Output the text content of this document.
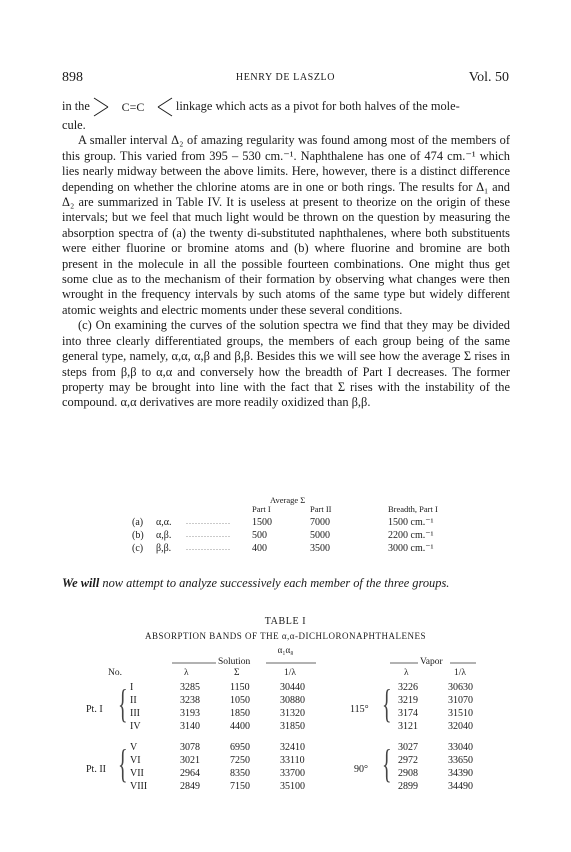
898	HENRY DE LASZLO	Vol. 50
in the	C=C	linkage which acts as a pivot for both halves of the mole-

cule.

A smaller interval Δ₂ of amazing regularity was found among most of the members of this group. This varied from 395 – 530 cm.⁻¹. Naphthalene has one of 474 cm.⁻¹ which lies nearly midway between the above limits. Here, however, there is a distinct difference depending on whether the chlorine atoms are in one or both rings. The results for Δ₁ and Δ₂ are summarized in Table IV. It is useless at present to theorize on the origin of these intervals; but we feel that much light would be thrown on the question by measuring the absorption spectra of (a) the twenty di-substituted naphthalenes, where both substituents were either fluorine or bromine atoms and (b) where fluorine and bromine are both present in the molecule in all the possible fourteen combinations. One might thus get some clue as to the mechanism of their formation by observing what changes were then wrought in the frequency intervals by such atoms of the same type but widely different atomic weights and electric moments under these several conditions.

(c) On examining the curves of the solution spectra we find that they may be divided into three clearly differentiated groups, the members of each group being of the same general type, namely, α,α, α,β and β,β. Besides this we will see how the average Σ rises in steps from β,β to α,α and conversely how the breadth of Part I decreases. The former property may be brought into line with the fact that Σ rises with the instability of the compound. α,α derivatives are more readily oxidized than β,β.

Average Σ
Part I	Part II	Breadth, Part I
(a) α,α. ............... 1500	7000	1500 cm.⁻¹
(b) α,β. ............... 500	5000	2200 cm.⁻¹
(c) β,β. ............... 400	3500	3000 cm.⁻¹
We will now attempt to analyze successively each member of the three groups.
TABLE I
ABSORPTION BANDS OF THE α,α-DICHLORONAPHTHALENES
α₁α₈
Solution	Vapor
No.	λ	Σ	1/λ	λ	1/λ
Pt. I {	115° {
Pt. II {	90° {
I	3285	1150	30440	3226	30630
II	3238	1050	30880	3219	31070
III	3193	1850	31320	3174	31510
IV	3140	4400	31850	3121	32040
V	3078	6950	32410	3027	33040
VI	3021	7250	33110	2972	33650
VII	2964	8350	33700	2908	34390
VIII	2849	7150	35100	2899	34490
